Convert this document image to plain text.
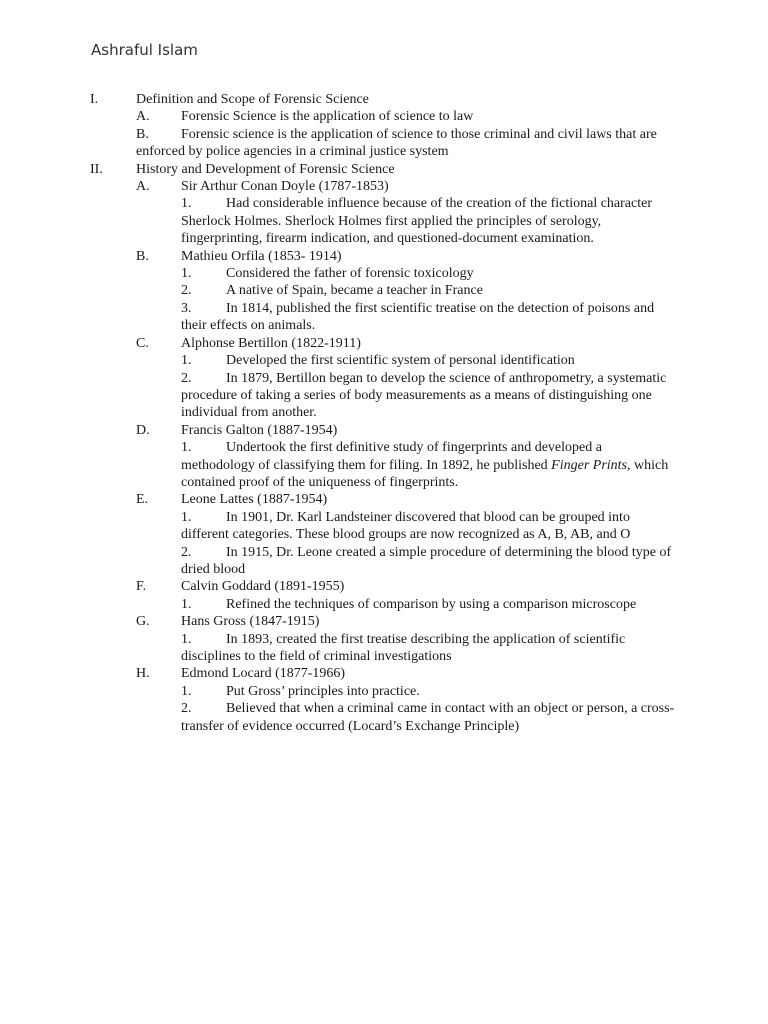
Ashraful Islam
I.	Definition and Scope of Forensic Science
A.	Forensic Science is the application of science to law
B.	Forensic science is the application of science to those criminal and civil laws that are enforced by police agencies in a criminal justice system
II. History and Development of Forensic Science
A.	Sir Arthur Conan Doyle (1787-1853)
1.	Had considerable influence because of the creation of the fictional character Sherlock Holmes. Sherlock Holmes first applied the principles of serology, fingerprinting, firearm indication, and questioned-document examination.
B.	Mathieu Orfila (1853- 1914)
1.	Considered the father of forensic toxicology
2.	A native of Spain, became a teacher in France
3.	In 1814, published the first scientific treatise on the detection of poisons and their effects on animals.
C.	Alphonse Bertillon (1822-1911)
1.	Developed the first scientific system of personal identification
2.	In 1879, Bertillon began to develop the science of anthropometry, a systematic procedure of taking a series of body measurements as a means of distinguishing one individual from another.
D.	Francis Galton (1887-1954)
1.	Undertook the first definitive study of fingerprints and developed a methodology of classifying them for filing. In 1892, he published Finger Prints, which contained proof of the uniqueness of fingerprints.
E.	Leone Lattes (1887-1954)
1.	In 1901, Dr. Karl Landsteiner discovered that blood can be grouped into different categories. These blood groups are now recognized as A, B, AB, and O
2.	In 1915, Dr. Leone created a simple procedure of determining the blood type of dried blood
F.	Calvin Goddard (1891-1955)
1.	Refined the techniques of comparison by using a comparison microscope
G.	Hans Gross (1847-1915)
1.	In 1893, created the first treatise describing the application of scientific disciplines to the field of criminal investigations
H.	Edmond Locard (1877-1966)
1.	Put Gross’ principles into practice.
2.	Believed that when a criminal came in contact with an object or person, a cross-transfer of evidence occurred (Locard’s Exchange Principle)
